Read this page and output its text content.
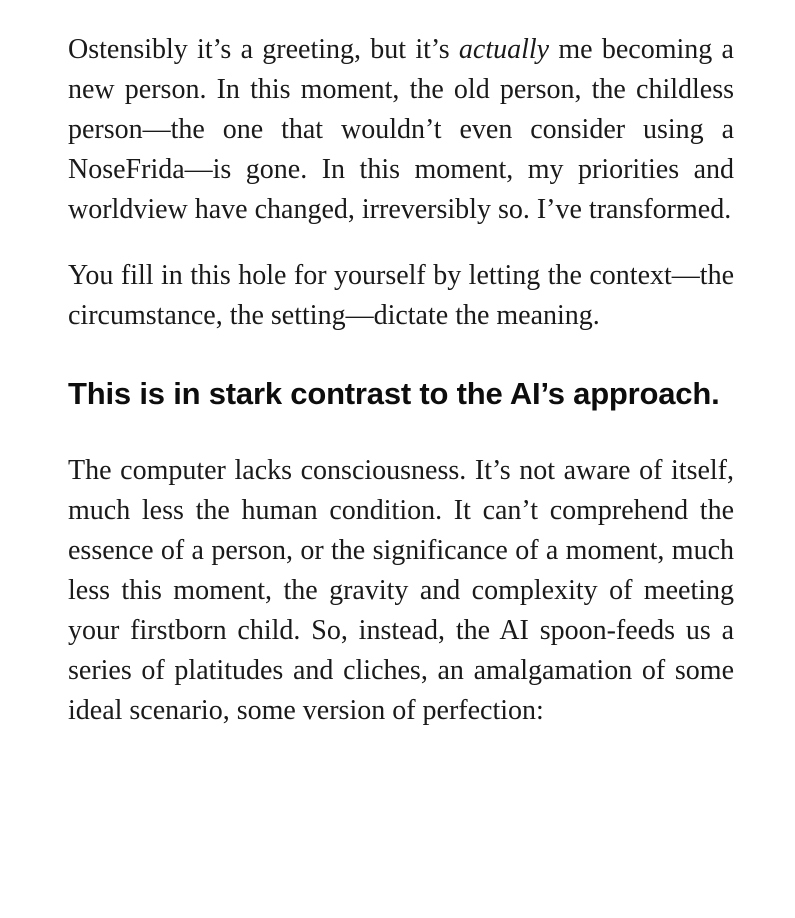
Ostensibly it’s a greeting, but it’s actually me becoming a new person. In this moment, the old person, the childless person—the one that wouldn’t even consider using a NoseFrida—is gone. In this moment, my priorities and worldview have changed, irreversibly so. I’ve transformed.

You fill in this hole for yourself by letting the context—the circumstance, the setting—dictate the meaning.

This is in stark contrast to the AI’s approach.

The computer lacks consciousness. It’s not aware of itself, much less the human condition. It can’t comprehend the essence of a person, or the significance of a moment, much less this moment, the gravity and complexity of meeting your firstborn child. So, instead, the AI spoon-feeds us a series of platitudes and cliches, an amalgamation of some ideal scenario, some version of perfection:
